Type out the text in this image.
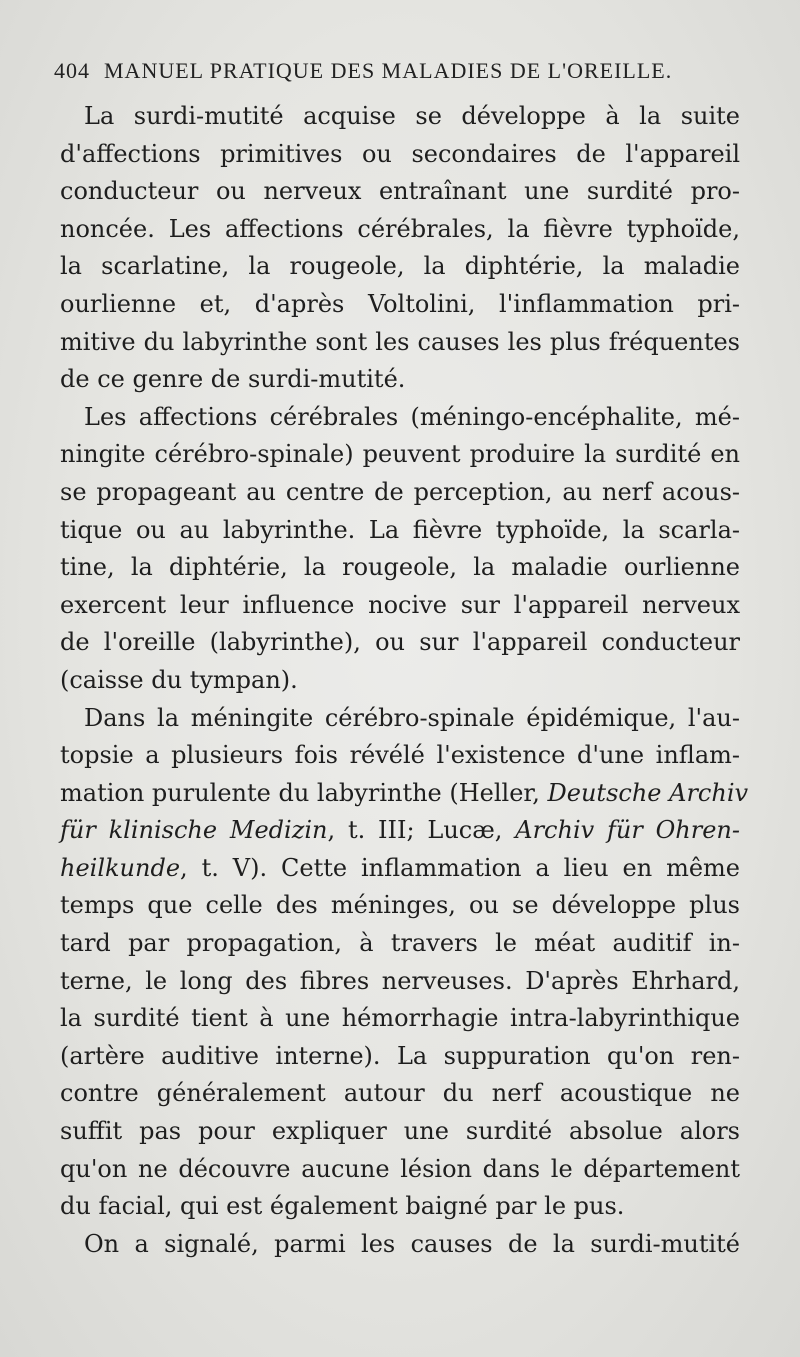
404 MANUEL PRATIQUE DES MALADIES DE L'OREILLE.
La surdi-mutité acquise se développe à la suite
d'affections primitives ou secondaires de l'appareil
conducteur ou nerveux entraînant une surdité pro-
noncée. Les affections cérébrales, la fièvre typhoïde,
la scarlatine, la rougeole, la diphtérie, la maladie
ourlienne et, d'après Voltolini, l'inflammation pri-
mitive du labyrinthe sont les causes les plus fréquentes
de ce genre de surdi-mutité.
Les affections cérébrales (méningo-encéphalite, mé-
ningite cérébro-spinale) peuvent produire la surdité en
se propageant au centre de perception, au nerf acous-
tique ou au labyrinthe. La fièvre typhoïde, la scarla-
tine, la diphtérie, la rougeole, la maladie ourlienne
exercent leur influence nocive sur l'appareil nerveux
de l'oreille (labyrinthe), ou sur l'appareil conducteur
(caisse du tympan).
Dans la méningite cérébro-spinale épidémique, l'au-
topsie a plusieurs fois révélé l'existence d'une inflam-
mation purulente du labyrinthe (Heller, Deutsche Archiv
für klinische Medizin, t. III; Lucæ, Archiv für Ohren-
heilkunde, t. V). Cette inflammation a lieu en même
temps que celle des méninges, ou se développe plus
tard par propagation, à travers le méat auditif in-
terne, le long des fibres nerveuses. D'après Ehrhard,
la surdité tient à une hémorrhagie intra-labyrinthique
(artère auditive interne). La suppuration qu'on ren-
contre généralement autour du nerf acoustique ne
suffit pas pour expliquer une surdité absolue alors
qu'on ne découvre aucune lésion dans le département
du facial, qui est également baigné par le pus.
On a signalé, parmi les causes de la surdi-mutité
